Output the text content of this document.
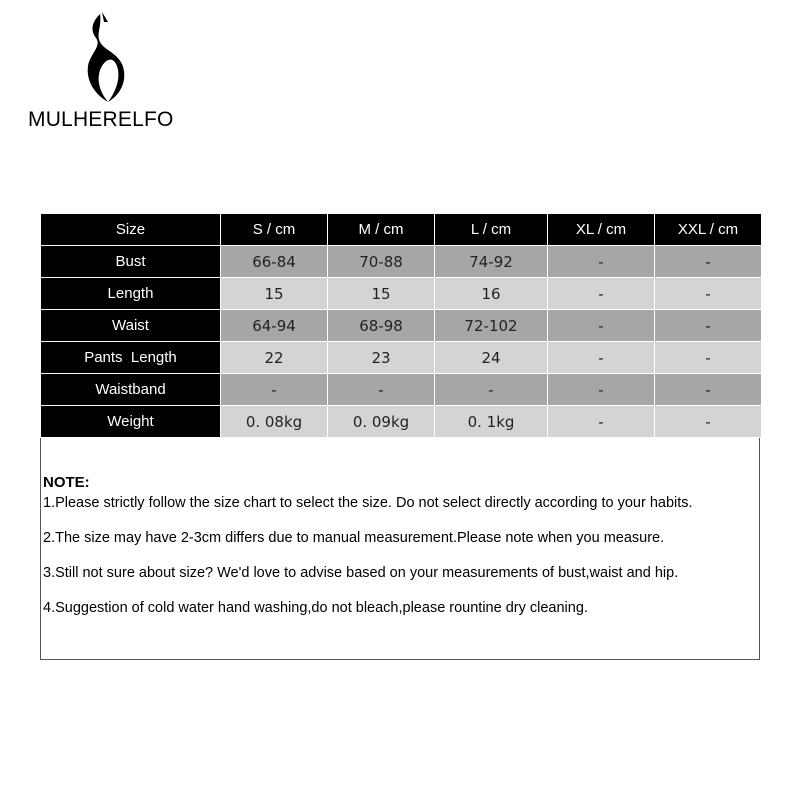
MULHERELFO
Size	S / cm	M / cm	L / cm	XL / cm	XXL / cm
Bust	66-84	70-88	74-92	-	-
Length	15	15	16	-	-
Waist	64-94	68-98	72-102	-	-
Pants  Length	22	23	24	-	-
Waistband	-	-	-	-	-
Weight	0. 08kg	0. 09kg	0. 1kg	-	-
NOTE:
1.Please strictly follow the size chart to select the size. Do not select directly according to your habits.
2.The size may have 2-3cm differs due to manual measurement.Please note when you measure.
3.Still not sure about size? We'd love to advise based on your measurements of bust,waist and hip.
4.Suggestion of cold water hand washing,do not bleach,please rountine dry cleaning.
